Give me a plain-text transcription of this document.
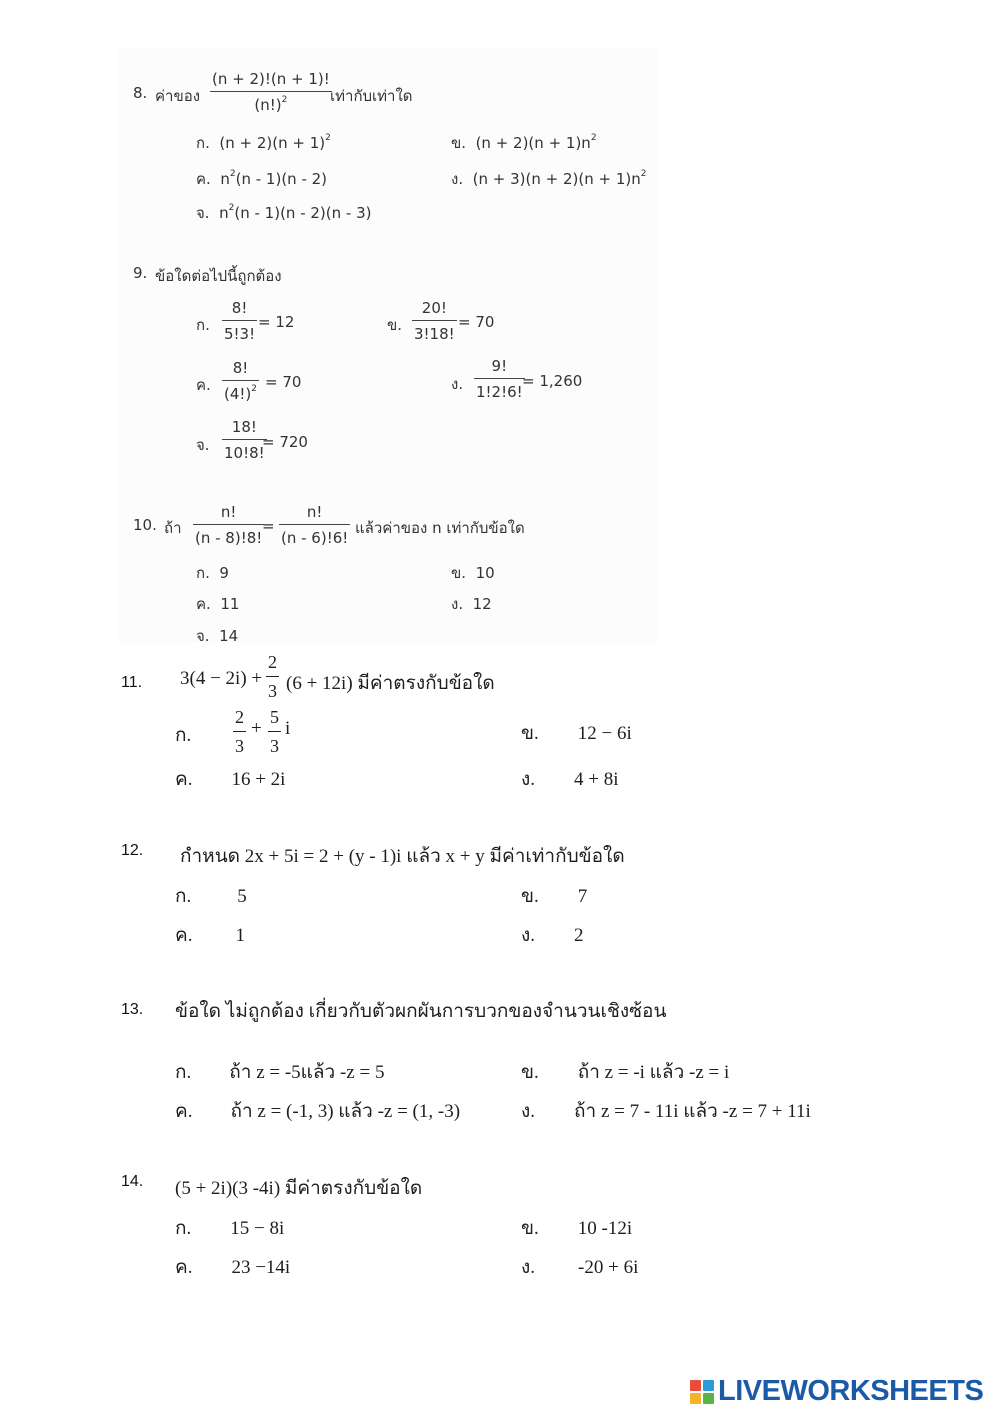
8. ค่าของ
(n + 2)!(n + 1)!
$(n!)^2$	เท่ากับเท่าใด
ก. $(n + 2)(n + 1)^2$	ข. $(n + 2)(n + 1)n^2$
ค. $n^2(n - 1)(n - 2)$	ง. $(n + 3)(n + 2)(n + 1)n^2$
จ. $n^2(n - 1)(n - 2)(n - 3)$
9. ข้อใดต่อไปนี้ถูกต้อง
ก.
8!
5!3!
= 12	ข.
20!
3!18!
= 70
ค.
8!
$(4!)^2 = 70$	ง.
9!
1!2!6!
= 1,260
จ.
18!
10!8!
= 720
10. ถ้า
n!
(n - 8)!8!
=
n!
(n - 6)!6!
แล้วค่าของ n เท่ากับข้อใด
ก. 9	ข. 10
ค. 11	ง. 12
จ. 14
11. 3(4 − 2i) +
2
3 (6 + 12i) มีค่าตรงกับข้อใด
ก.
2
3
+
5
3
i	ข. 12 − 6i
ค. 16 + 2i	ง. 4 + 8i
12. กำหนด 2x + 5i = 2 + (y - 1)i แล้ว x + y มีค่าเท่ากับข้อใด
ก. 5	ข. 7
ค. 1	ง. 2
13. ข้อใด ไม่ถูกต้อง เกี่ยวกับตัวผกผันการบวกของจำนวนเชิงซ้อน
ก. ถ้า z = -5แล้ว -z = 5	ข. ถ้า z = -i แล้ว -z = i
ค. ถ้า z = (-1, 3) แล้ว -z = (1, -3)	ง. ถ้า z = 7 - 11i แล้ว -z = 7 + 11i
14. (5 + 2i)(3 -4i) มีค่าตรงกับข้อใด
ก. 15 − 8i	ข. 10 -12i
ค. 23 −14i	ง. -20 + 6i
LIVEWORKSHEETS
